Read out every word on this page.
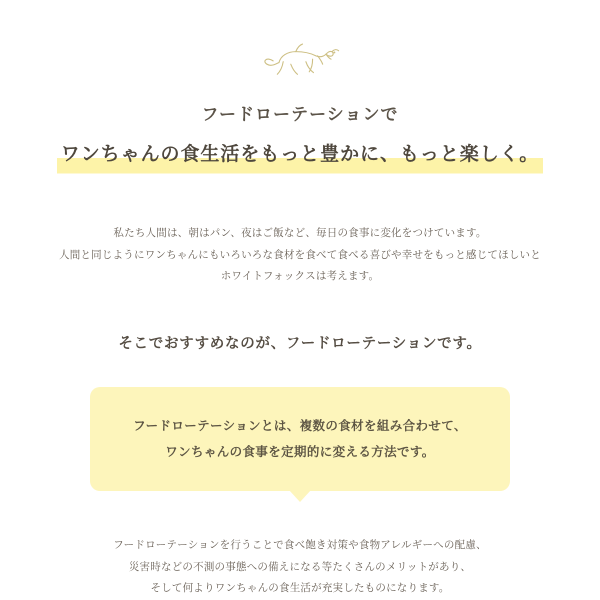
フードローテーションで
ワンちゃんの食生活をもっと豊かに、もっと楽しく。
私たち人間は、朝はパン、夜はご飯など、毎日の食事に変化をつけています。
人間と同じようにワンちゃんにもいろいろな食材を食べて食べる喜びや幸せをもっと感じてほしいと
ホワイトフォックスは考えます。
そこでおすすめなのが、フードローテーションです。
フードローテーションとは、複数の食材を組み合わせて、
ワンちゃんの食事を定期的に変える方法です。
フードローテーションを行うことで食べ飽き対策や食物アレルギーへの配慮、
災害時などの不測の事態への備えになる等たくさんのメリットがあり、
そして何よりワンちゃんの食生活が充実したものになります。
